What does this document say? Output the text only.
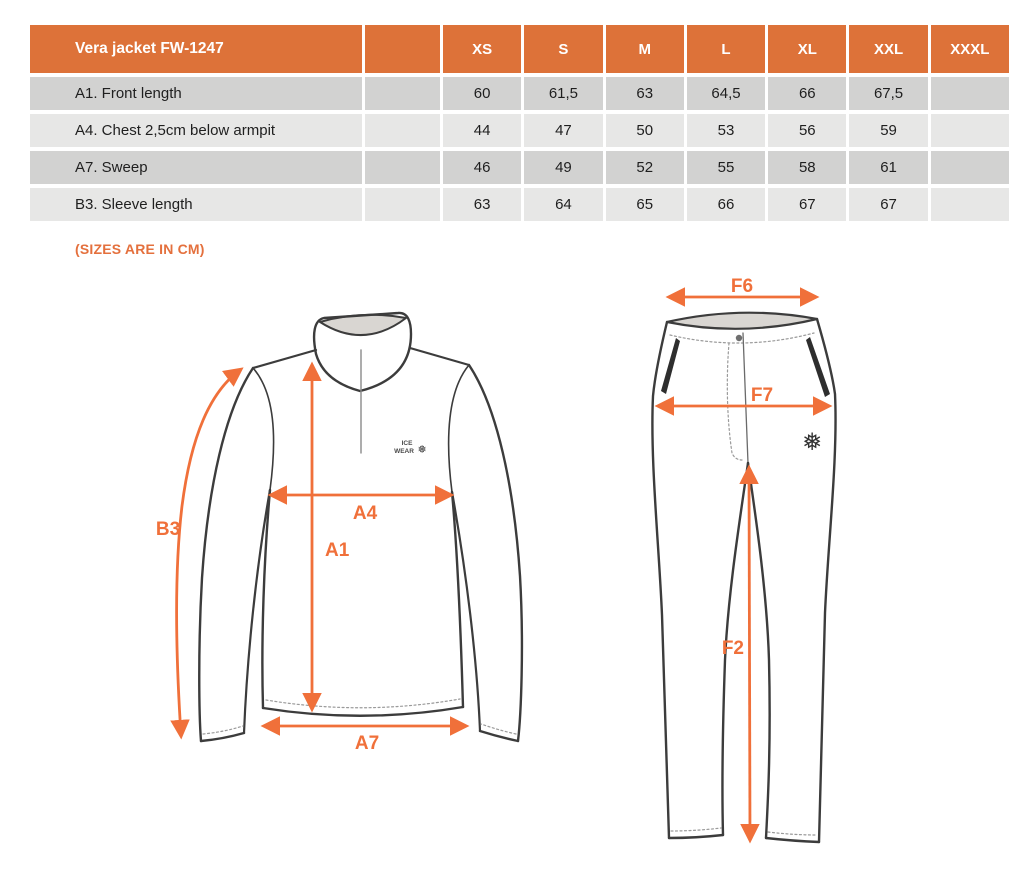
Vera jacket FW-1247	XS	S	M	L	XL	XXL	XXXL
A1. Front length	60	61,5	63	64,5	66	67,5
A4. Chest 2,5cm below armpit	44	47	50	53	56	59
A7. Sweep	46	49	52	55	58	61
B3. Sleeve length	63	64	65	66	67	67
(SIZES ARE IN CM)
ICE
WEAR ❅
B3
A4
A1
A7
❅
F6
F7
F2
